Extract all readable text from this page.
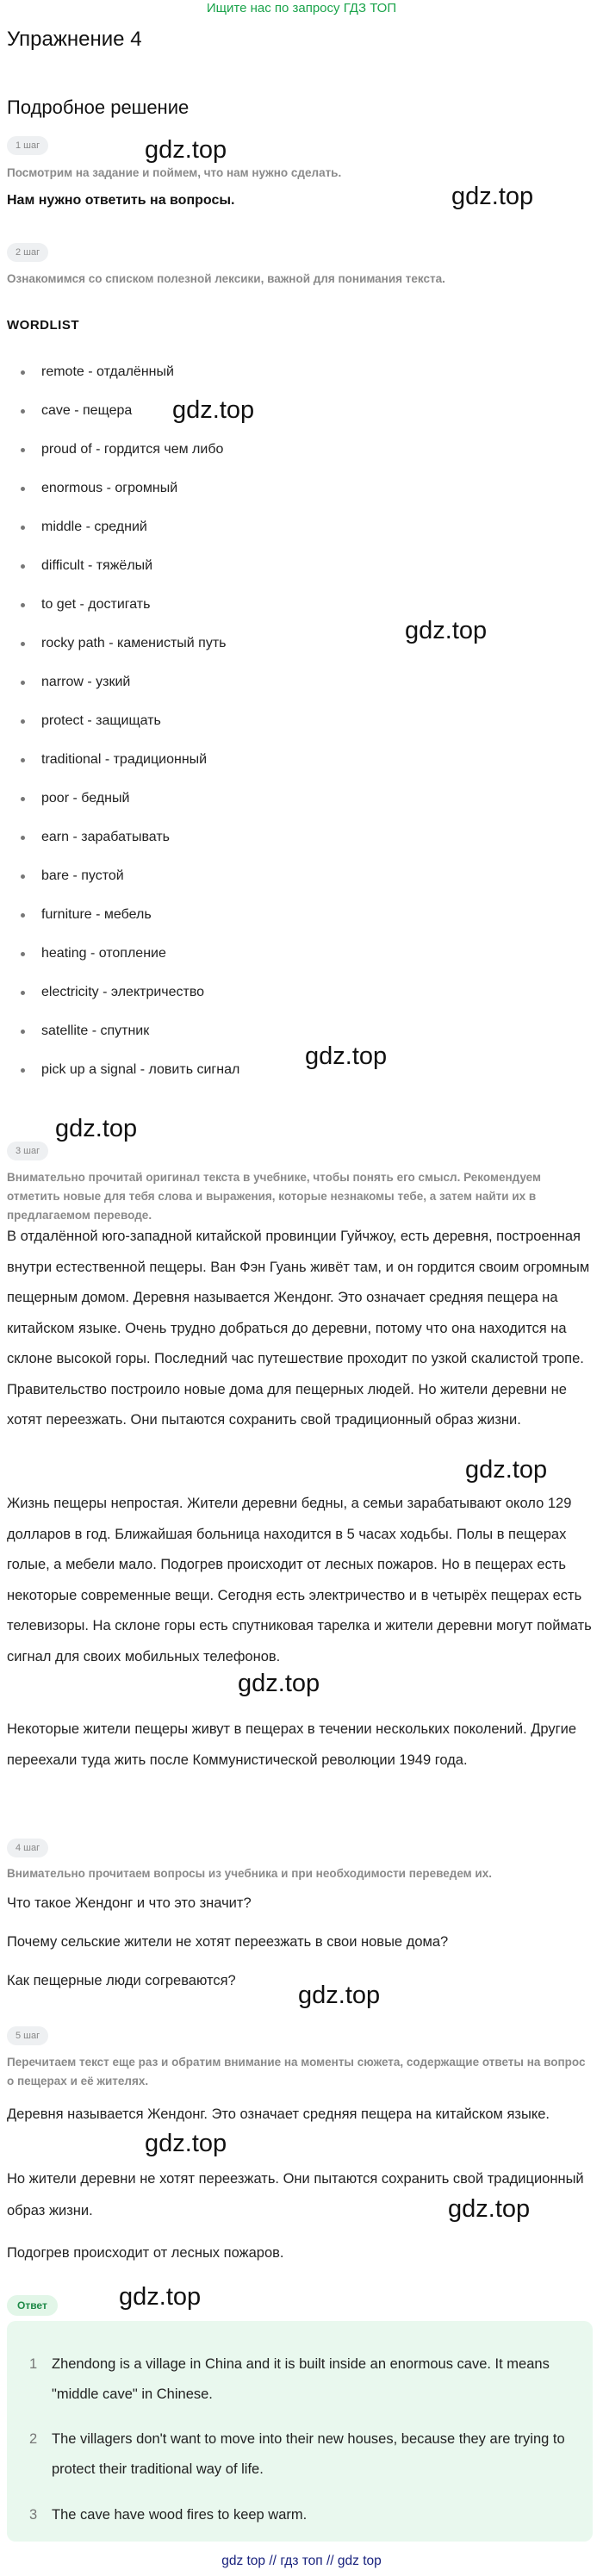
Ищите нас по запросу ГДЗ ТОП
Упражнение 4
Подробное решение
1 шаг
Посмотрим на задание и поймем, что нам нужно сделать.
Нам нужно ответить на вопросы.
2 шаг
Ознакомимся со списком полезной лексики, важной для понимания текста.
WORDLIST
remote - отдалённый
cave - пещера
proud of - гордится чем либо
enormous - огромный
middle - средний
difficult - тяжёлый
to get - достигать
rocky path - каменистый путь
narrow - узкий
protect - защищать
traditional - традиционный
poor - бедный
earn - зарабатывать
bare - пустой
furniture - мебель
heating - отопление
electricity - электричество
satellite - спутник
pick up a signal - ловить сигнал
3 шаг
Внимательно прочитай оригинал текста в учебнике, чтобы понять его смысл. Рекомендуем отметить новые для тебя слова и выражения, которые незнакомы тебе, а затем найти их в предлагаемом переводе.
В отдалённой юго-западной китайской провинции Гуйчжоу, есть деревня, построенная внутри естественной пещеры. Ван Фэн Гуань живёт там, и он гордится своим огромным пещерным домом. Деревня называется Жендонг. Это означает средняя пещера на китайском языке. Очень трудно добраться до деревни, потому что она находится на склоне высокой горы. Последний час путешествие проходит по узкой скалистой тропе. Правительство построило новые дома для пещерных людей. Но жители деревни не хотят переезжать. Они пытаются сохранить свой традиционный образ жизни.
Жизнь пещеры непростая. Жители деревни бедны, а семьи зарабатывают около 129 долларов в год. Ближайшая больница находится в 5 часах ходьбы. Полы в пещерах голые, а мебели мало. Подогрев происходит от лесных пожаров. Но в пещерах есть некоторые современные вещи. Сегодня есть электричество и в четырёх пещерах есть телевизоры. На склоне горы есть спутниковая тарелка и жители деревни могут поймать сигнал для своих мобильных телефонов.
Некоторые жители пещеры живут в пещерах в течении нескольких поколений. Другие переехали туда жить после Коммунистической революции 1949 года.
4 шаг
Внимательно прочитаем вопросы из учебника и при необходимости переведем их.
Что такое Жендонг и что это значит?
Почему сельские жители не хотят переезжать в свои новые дома?
Как пещерные люди согреваются?
5 шаг
Перечитаем текст еще раз и обратим внимание на моменты сюжета, содержащие ответы на вопрос о пещерах и её жителях.
Деревня называется Жендонг. Это означает средняя пещера на китайском языке.
Но жители деревни не хотят переезжать. Они пытаются сохранить свой традиционный образ жизни.
Подогрев происходит от лесных пожаров.
Ответ
1	Zhendong is a village in China and it is built inside an enormous cave. It means "middle cave" in Chinese.
2	The villagers don't want to move into their new houses, because they are trying to protect their traditional way of life.
3	The cave have wood fires to keep warm.
gdz.top
gdz.top
gdz.top
gdz.top
gdz.top
gdz.top
gdz.top
gdz.top
gdz.top
gdz.top
gdz.top
gdz.top
gdz top // гдз топ // gdz top
